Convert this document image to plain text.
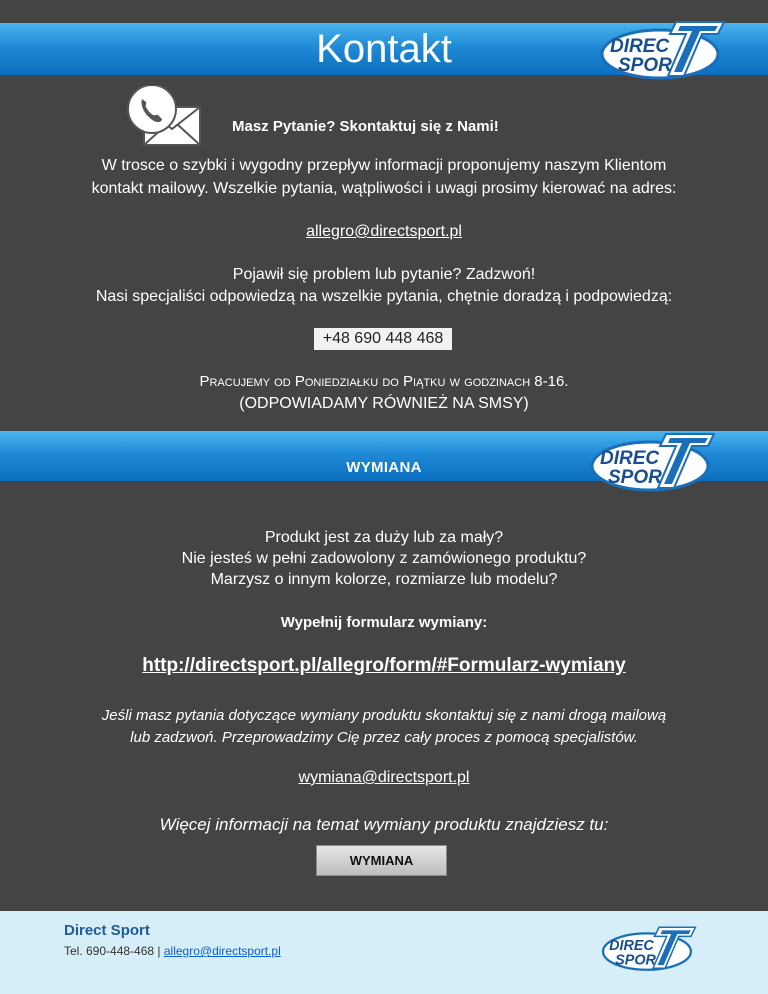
Kontakt	DIREC
SPOR
Masz Pytanie? Skontaktuj się z Nami!
W trosce o szybki i wygodny przepływ informacji proponujemy naszym Klientom
kontakt mailowy. Wszelkie pytania, wątpliwości i uwagi prosimy kierować na adres:
allegro@directsport.pl
Pojawił się problem lub pytanie? Zadzwoń!
Nasi specjaliści odpowiedzą na wszelkie pytania, chętnie doradzą i podpowiedzą:
+48 690 448 468
Pracujemy od Poniedziałku do Piątku w godzinach 8-16.
(ODPOWIADAMY RÓWNIEŻ NA SMSY)
WYMIANA	DIREC
SPOR
Produkt jest za duży lub za mały?
Nie jesteś w pełni zadowolony z zamówionego produktu?
Marzysz o innym kolorze, rozmiarze lub modelu?
Wypełnij formularz wymiany:
http://directsport.pl/allegro/form/#Formularz-wymiany
Jeśli masz pytania dotyczące wymiany produktu skontaktuj się z nami drogą mailową
lub zadzwoń. Przeprowadzimy Cię przez cały proces z pomocą specjalistów.
wymiana@directsport.pl
Więcej informacji na temat wymiany produktu znajdziesz tu:
WYMIANA
Direct Sport
Tel. 690-448-468 | allegro@directsport.pl	DIREC
SPOR
